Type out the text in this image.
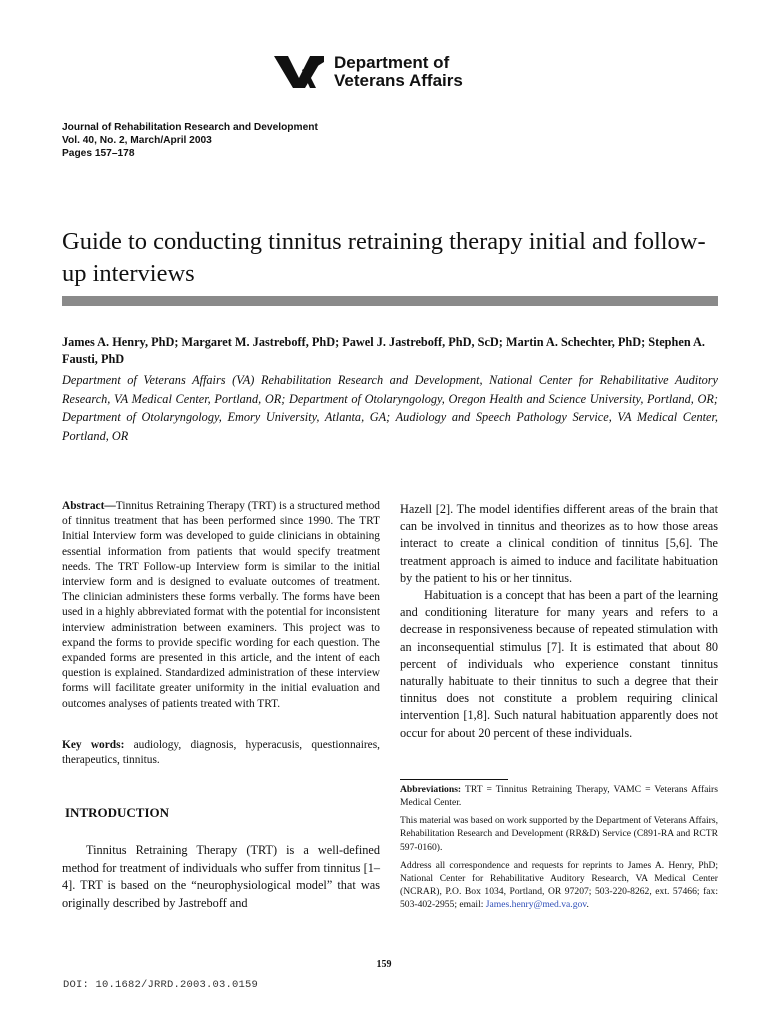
Department of
Veterans Affairs
Journal of Rehabilitation Research and Development
Vol. 40, No. 2, March/April 2003
Pages 157–178
Guide to conducting tinnitus retraining therapy initial and follow-up interviews
James A. Henry, PhD; Margaret M. Jastreboff, PhD; Pawel J. Jastreboff, PhD, ScD; Martin A. Schechter, PhD; Stephen A. Fausti, PhD
Department of Veterans Affairs (VA) Rehabilitation Research and Development, National Center for Rehabilitative Auditory Research, VA Medical Center, Portland, OR; Department of Otolaryngology, Oregon Health and Science University, Portland, OR; Department of Otolaryngology, Emory University, Atlanta, GA; Audiology and Speech Pathology Service, VA Medical Center, Portland, OR

Abstract—Tinnitus Retraining Therapy (TRT) is a structured method of tinnitus treatment that has been performed since 1990. The TRT Initial Interview form was developed to guide clinicians in obtaining essential information from patients that would specify treatment needs. The TRT Follow-up Interview form is similar to the initial interview form and is designed to evaluate outcomes of treatment. The clinician administers these forms verbally. The forms have been used in a highly abbreviated format with the potential for inconsistent interview administration between examiners. This project was to expand the forms to provide specific wording for each question. The expanded forms are presented in this article, and the intent of each question is explained. Standardized administration of these interview forms will facilitate greater uniformity in the initial evaluation and outcomes analyses of patients treated with TRT.

Key words: audiology, diagnosis, hyperacusis, questionnaires, therapeutics, tinnitus.
INTRODUCTION

Tinnitus Retraining Therapy (TRT) is a well-defined method for treatment of individuals who suffer from tinnitus [1–4]. TRT is based on the “neurophysiological model” that was originally described by Jastreboff and

Hazell [2]. The model identifies different areas of the brain that can be involved in tinnitus and theorizes as to how those areas interact to create a clinical condition of tinnitus [5,6]. The treatment approach is aimed to induce and facilitate habituation by the patient to his or her tinnitus.

Habituation is a concept that has been a part of the learning and conditioning literature for many years and refers to a decrease in responsiveness because of repeated stimulation with an inconsequential stimulus [7]. It is estimated that about 80 percent of individuals who experience constant tinnitus naturally habituate to their tinnitus to such a degree that their tinnitus does not constitute a problem requiring clinical intervention [1,8]. Such natural habituation apparently does not occur for about 20 percent of these individuals.

Abbreviations: TRT = Tinnitus Retraining Therapy, VAMC = Veterans Affairs Medical Center.
This material was based on work supported by the Department of Veterans Affairs, Rehabilitation Research and Development (RR&D) Service (C891-RA and RCTR 597-0160).
Address all correspondence and requests for reprints to James A. Henry, PhD; National Center for Rehabilitative Auditory Research, VA Medical Center (NCRAR), P.O. Box 1034, Portland, OR 97207; 503-220-8262, ext. 57466; fax: 503-402-2955; email: James.henry@med.va.gov.
159
DOI: 10.1682/JRRD.2003.03.0159
